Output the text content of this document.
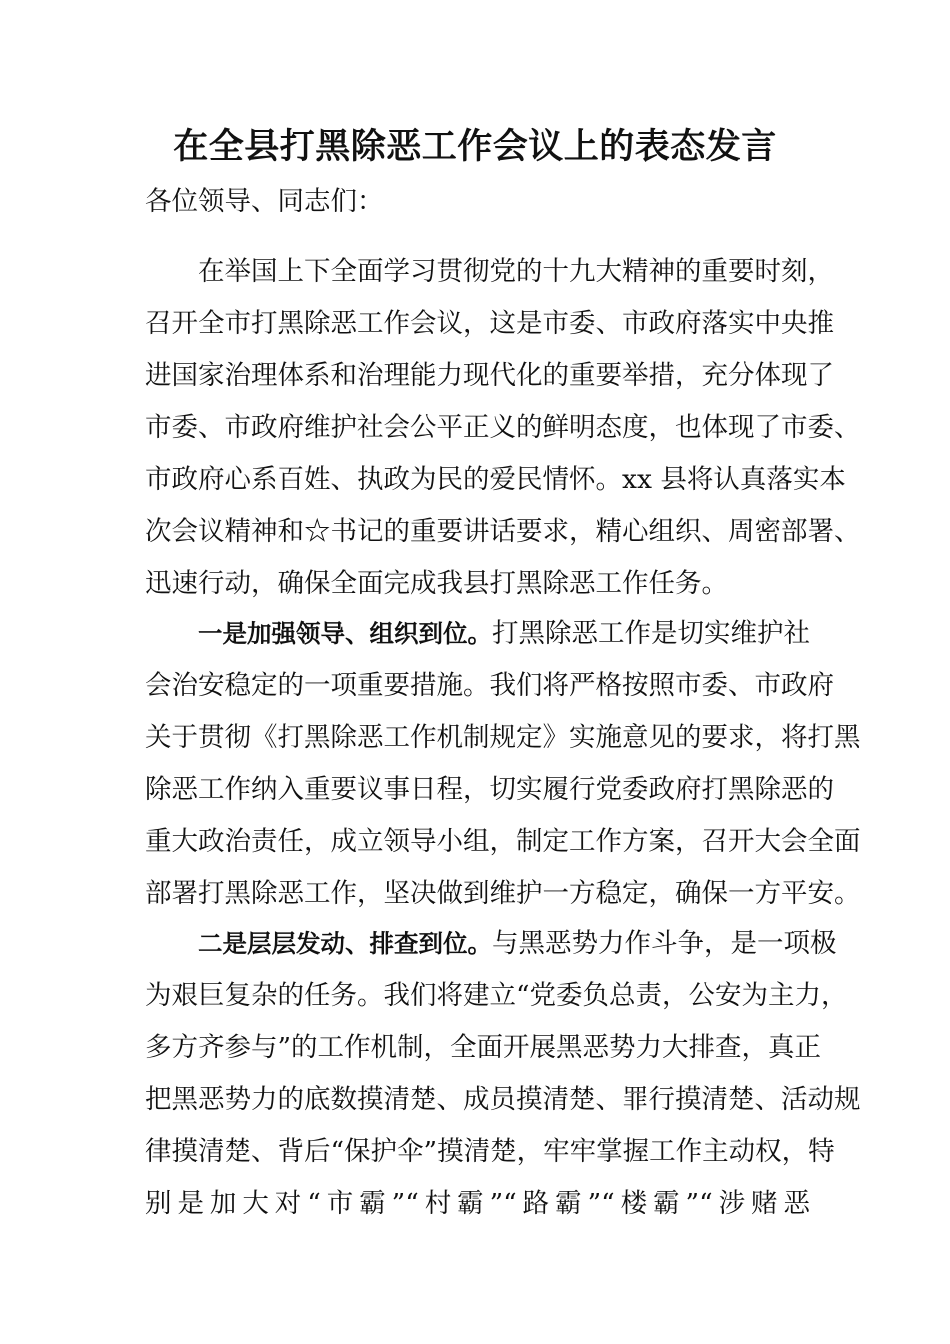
在全县打黑除恶工作会议上的表态发言

各位领导、同志们：

在举国上下全面学习贯彻党的十九大精神的重要时刻，

召开全市打黑除恶工作会议，这是市委、市政府落实中央推

进国家治理体系和治理能力现代化的重要举措，充分体现了

市委、市政府维护社会公平正义的鲜明态度，也体现了市委、

市政府心系百姓、执政为民的爱民情怀。xx 县将认真落实本

次会议精神和☆书记的重要讲话要求，精心组织、周密部署、

迅速行动，确保全面完成我县打黑除恶工作任务。

一是加强领导、组织到位。打黑除恶工作是切实维护社

会治安稳定的一项重要措施。我们将严格按照市委、市政府

关于贯彻《打黑除恶工作机制规定》实施意见的要求，将打黑

除恶工作纳入重要议事日程，切实履行党委政府打黑除恶的

重大政治责任，成立领导小组，制定工作方案，召开大会全面

部署打黑除恶工作，坚决做到维护一方稳定，确保一方平安。

二是层层发动、排查到位。与黑恶势力作斗争，是一项极

为艰巨复杂的任务。我们将建立“党委负总责，公安为主力，

多方齐参与”的工作机制，全面开展黑恶势力大排查，真正

把黑恶势力的底数摸清楚、成员摸清楚、罪行摸清楚、活动规

律摸清楚、背后“保护伞”摸清楚，牢牢掌握工作主动权，特

别是加大对“市霸”“村霸”“路霸”“楼霸”“涉赌恶
